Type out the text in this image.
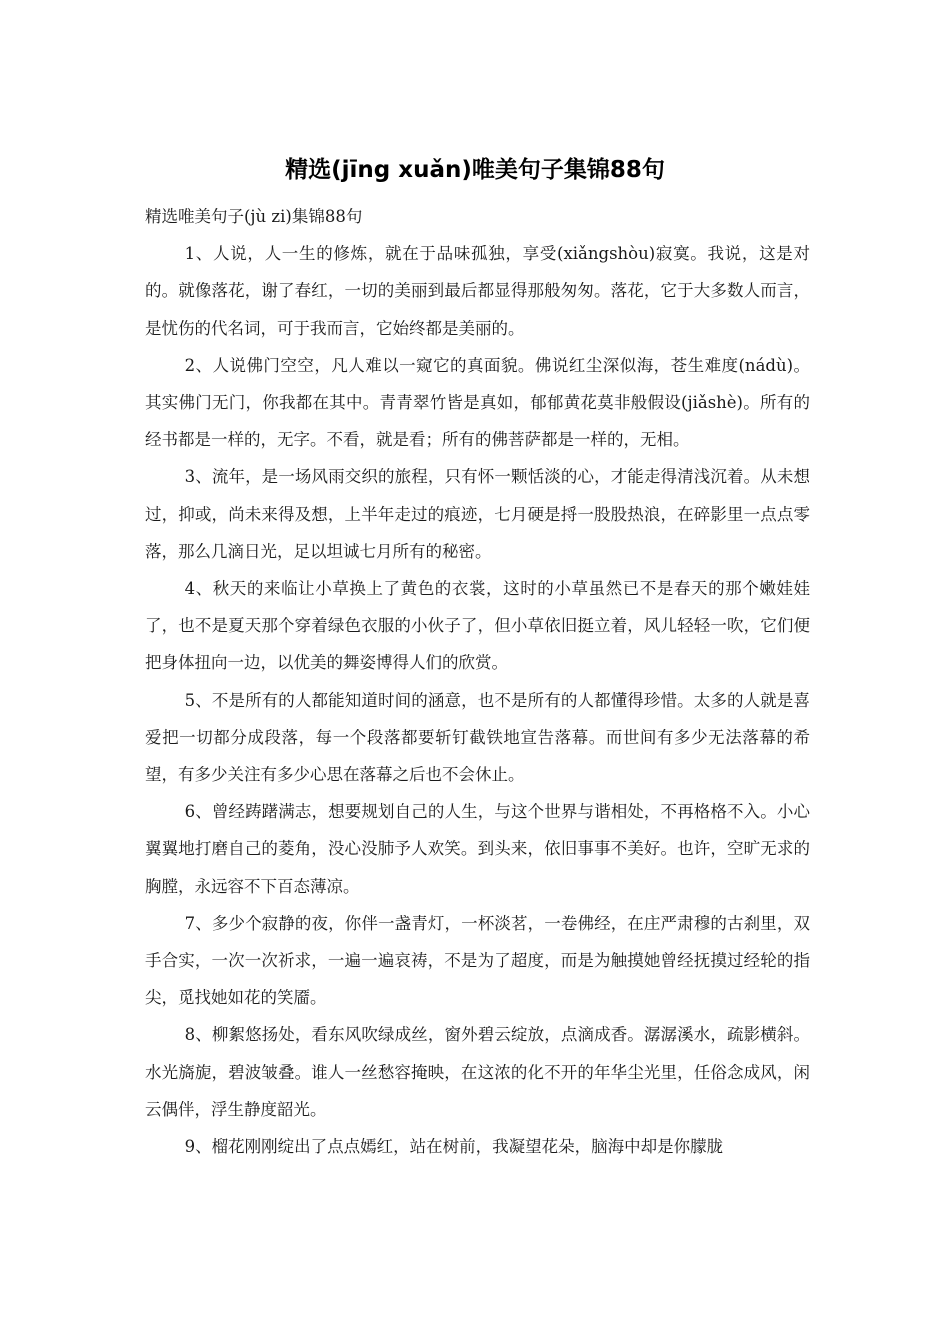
精选(jīng xuǎn)唯美句子集锦88句

精选唯美句子(jù zi)集锦88句

1、人说，人一生的修炼，就在于品味孤独，享受(xiǎngshòu)寂寞。我说，这是对的。就像落花，谢了春红，一切的美丽到最后都显得那般匆匆。落花，它于大多数人而言，是忧伤的代名词，可于我而言，它始终都是美丽的。

2、人说佛门空空，凡人难以一窥它的真面貌。佛说红尘深似海，苍生难度(nádù)。其实佛门无门，你我都在其中。青青翠竹皆是真如，郁郁黄花莫非般假设(jiǎshè)。所有的经书都是一样的，无字。不看，就是看；所有的佛菩萨都是一样的，无相。

3、流年，是一场风雨交织的旅程，只有怀一颗恬淡的心，才能走得清浅沉着。从未想过，抑或，尚未来得及想，上半年走过的痕迹，七月硬是捋一股股热浪，在碎影里一点点零落，那么几滴日光，足以坦诚七月所有的秘密。

4、秋天的来临让小草换上了黄色的衣裳，这时的小草虽然已不是春天的那个嫩娃娃了，也不是夏天那个穿着绿色衣服的小伙子了，但小草依旧挺立着，风儿轻轻一吹，它们便把身体扭向一边，以优美的舞姿博得人们的欣赏。

5、不是所有的人都能知道时间的涵意，也不是所有的人都懂得珍惜。太多的人就是喜爱把一切都分成段落，每一个段落都要斩钉截铁地宣告落幕。而世间有多少无法落幕的希望，有多少关注有多少心思在落幕之后也不会休止。

6、曾经踌躇满志，想要规划自己的人生，与这个世界与谐相处，不再格格不入。小心翼翼地打磨自己的菱角，没心没肺予人欢笑。到头来，依旧事事不美好。也许，空旷无求的胸膛，永远容不下百态薄凉。

7、多少个寂静的夜，你伴一盏青灯，一杯淡茗，一卷佛经，在庄严肃穆的古刹里，双手合实，一次一次祈求，一遍一遍哀祷，不是为了超度，而是为触摸她曾经抚摸过经轮的指尖，觅找她如花的笑靥。

8、柳絮悠扬处，看东风吹绿成丝，窗外碧云绽放，点滴成香。潺潺溪水，疏影横斜。水光旖旎，碧波皱叠。谁人一丝愁容掩映，在这浓的化不开的年华尘光里，任俗念成风，闲云偶伴，浮生静度韶光。

9、榴花刚刚绽出了点点嫣红，站在树前，我凝望花朵，脑海中却是你朦胧
